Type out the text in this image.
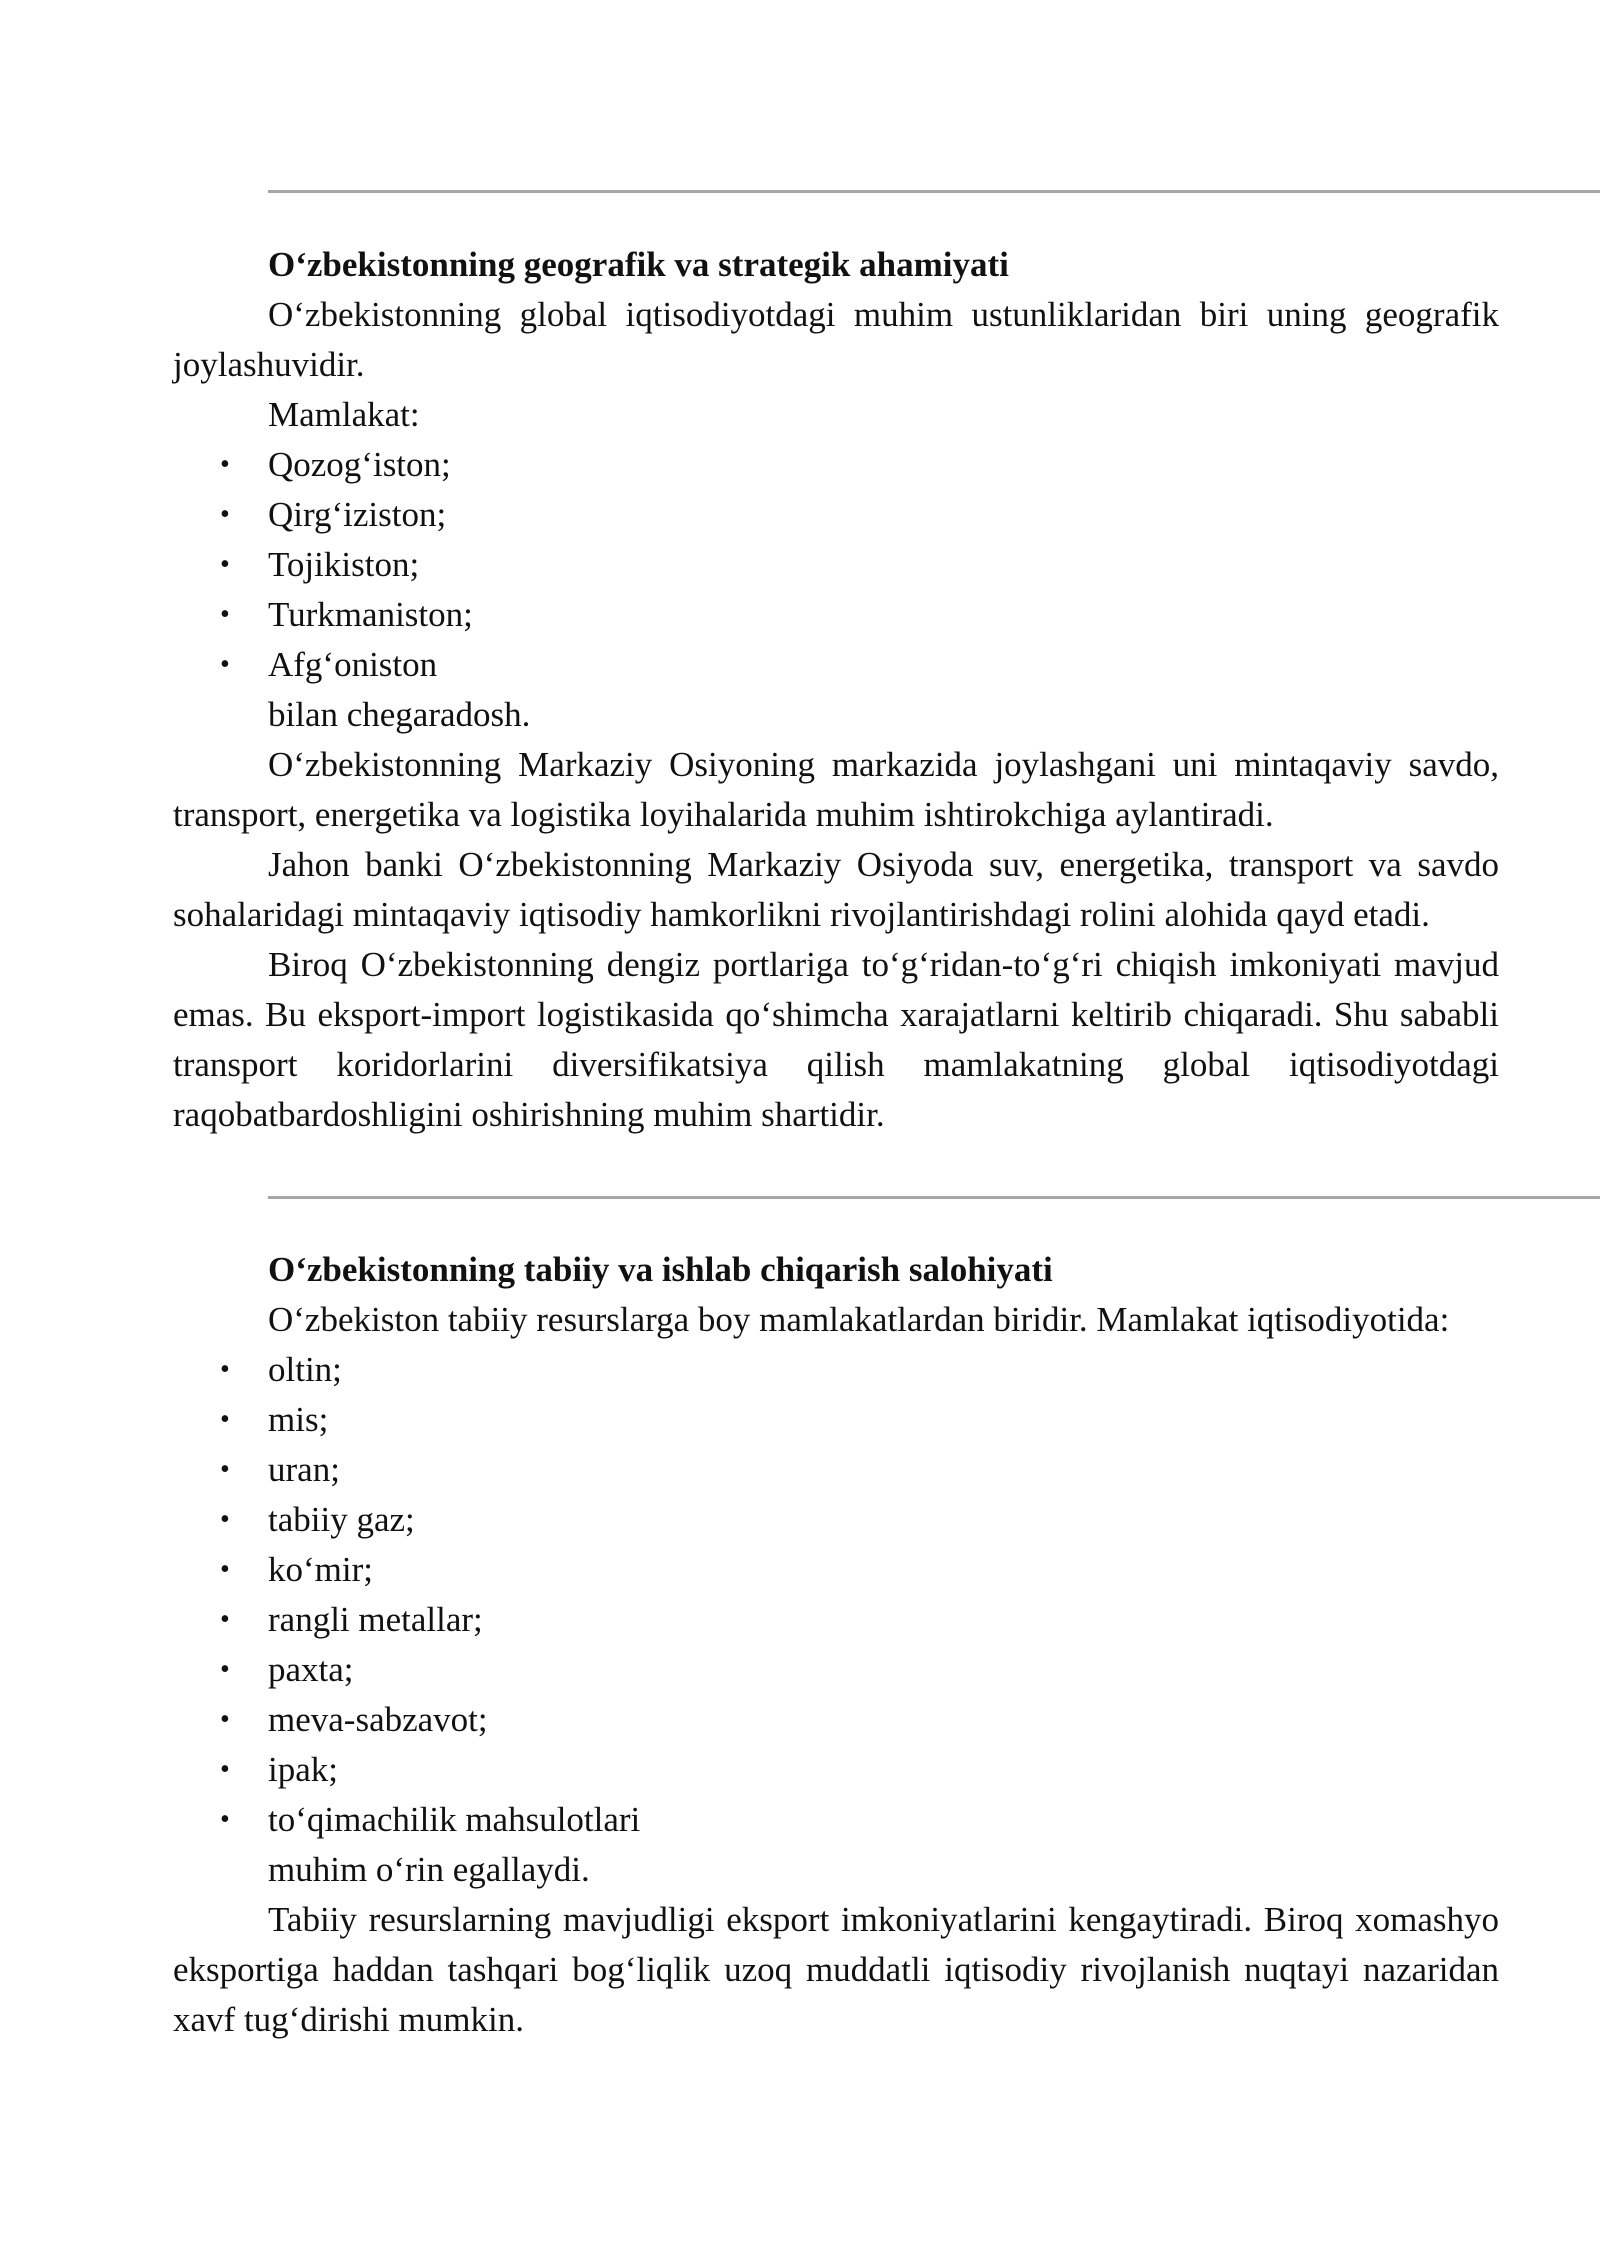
O‘zbekistonning geografik va strategik ahamiyati

O‘zbekistonning global iqtisodiyotdagi muhim ustunliklaridan biri uning geografik joylashuvidir.

Mamlakat:

• Qozog‘iston;
• Qirg‘iziston;
• Tojikiston;
• Turkmaniston;
• Afg‘oniston

bilan chegaradosh.

O‘zbekistonning Markaziy Osiyoning markazida joylashgani uni mintaqaviy savdo, transport, energetika va logistika loyihalarida muhim ishtirokchiga aylantiradi.

Jahon banki O‘zbekistonning Markaziy Osiyoda suv, energetika, transport va savdo sohalaridagi mintaqaviy iqtisodiy hamkorlikni rivojlantirishdagi rolini alohida qayd etadi.

Biroq O‘zbekistonning dengiz portlariga to‘g‘ridan-to‘g‘ri chiqish imkoniyati mavjud emas. Bu eksport-import logistikasida qo‘shimcha xarajatlarni keltirib chiqaradi. Shu sababli transport koridorlarini diversifikatsiya qilish mamlakatning global iqtisodiyotdagi raqobatbardoshligini oshirishning muhim shartidir.

O‘zbekistonning tabiiy va ishlab chiqarish salohiyati

O‘zbekiston tabiiy resurslarga boy mamlakatlardan biridir. Mamlakat iqtisodiyotida:

• oltin;
• mis;
• uran;
• tabiiy gaz;
• ko‘mir;
• rangli metallar;
• paxta;
• meva-sabzavot;
• ipak;
• to‘qimachilik mahsulotlari

muhim o‘rin egallaydi.

Tabiiy resurslarning mavjudligi eksport imkoniyatlarini kengaytiradi. Biroq xomashyo eksportiga haddan tashqari bog‘liqlik uzoq muddatli iqtisodiy rivojlanish nuqtayi nazaridan xavf tug‘dirishi mumkin.
